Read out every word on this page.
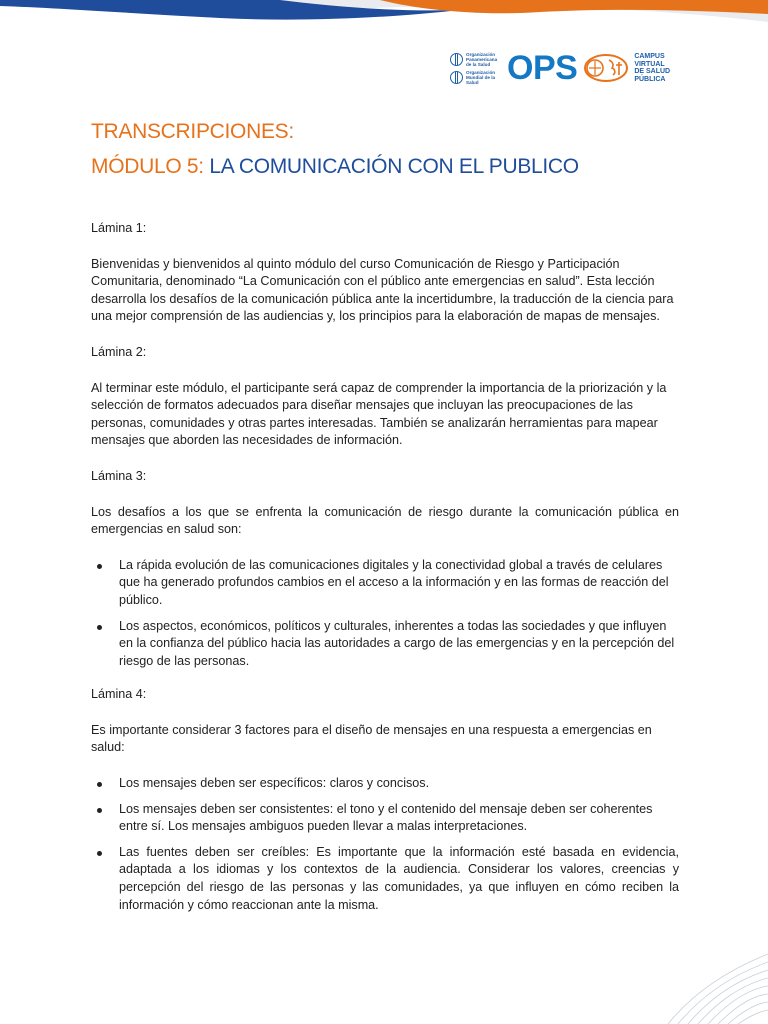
Organización Panamericana de la Salud
Organización Mundial de la Salud OPS	CAMPUS
VIRTUAL
DE SALUD
PÚBLICA
TRANSCRIPCIONES:
MÓDULO 5: LA COMUNICACIÓN CON EL PUBLICO

Lámina 1:

Bienvenidas y bienvenidos al quinto módulo del curso Comunicación de Riesgo y Participación Comunitaria, denominado “La Comunicación con el público ante emergencias en salud”. Esta lección desarrolla los desafíos de la comunicación pública ante la incertidumbre, la traducción de la ciencia para una mejor comprensión de las audiencias y, los principios para la elaboración de mapas de mensajes.

Lámina 2:

Al terminar este módulo, el participante será capaz de comprender la importancia de la priorización y la selección de formatos adecuados para diseñar mensajes que incluyan las preocupaciones de las personas, comunidades y otras partes interesadas. También se analizarán herramientas para mapear mensajes que aborden las necesidades de información.

Lámina 3:

Los desafíos a los que se enfrenta la comunicación de riesgo durante la comunicación pública en emergencias en salud son:

La rápida evolución de las comunicaciones digitales y la conectividad global a través de celulares que ha generado profundos cambios en el acceso a la información y en las formas de reacción del público.
Los aspectos, económicos, políticos y culturales, inherentes a todas las sociedades y que influyen en la confianza del público hacia las autoridades a cargo de las emergencias y en la percepción del riesgo de las personas.

Lámina 4:

Es importante considerar 3 factores para el diseño de mensajes en una respuesta a emergencias en salud:

Los mensajes deben ser específicos: claros y concisos.
Los mensajes deben ser consistentes: el tono y el contenido del mensaje deben ser coherentes entre sí. Los mensajes ambiguos pueden llevar a malas interpretaciones.
Las fuentes deben ser creíbles: Es importante que la información esté basada en evidencia, adaptada a los idiomas y los contextos de la audiencia. Considerar los valores, creencias y percepción del riesgo de las personas y las comunidades, ya que influyen en cómo reciben la información y cómo reaccionan ante la misma.
